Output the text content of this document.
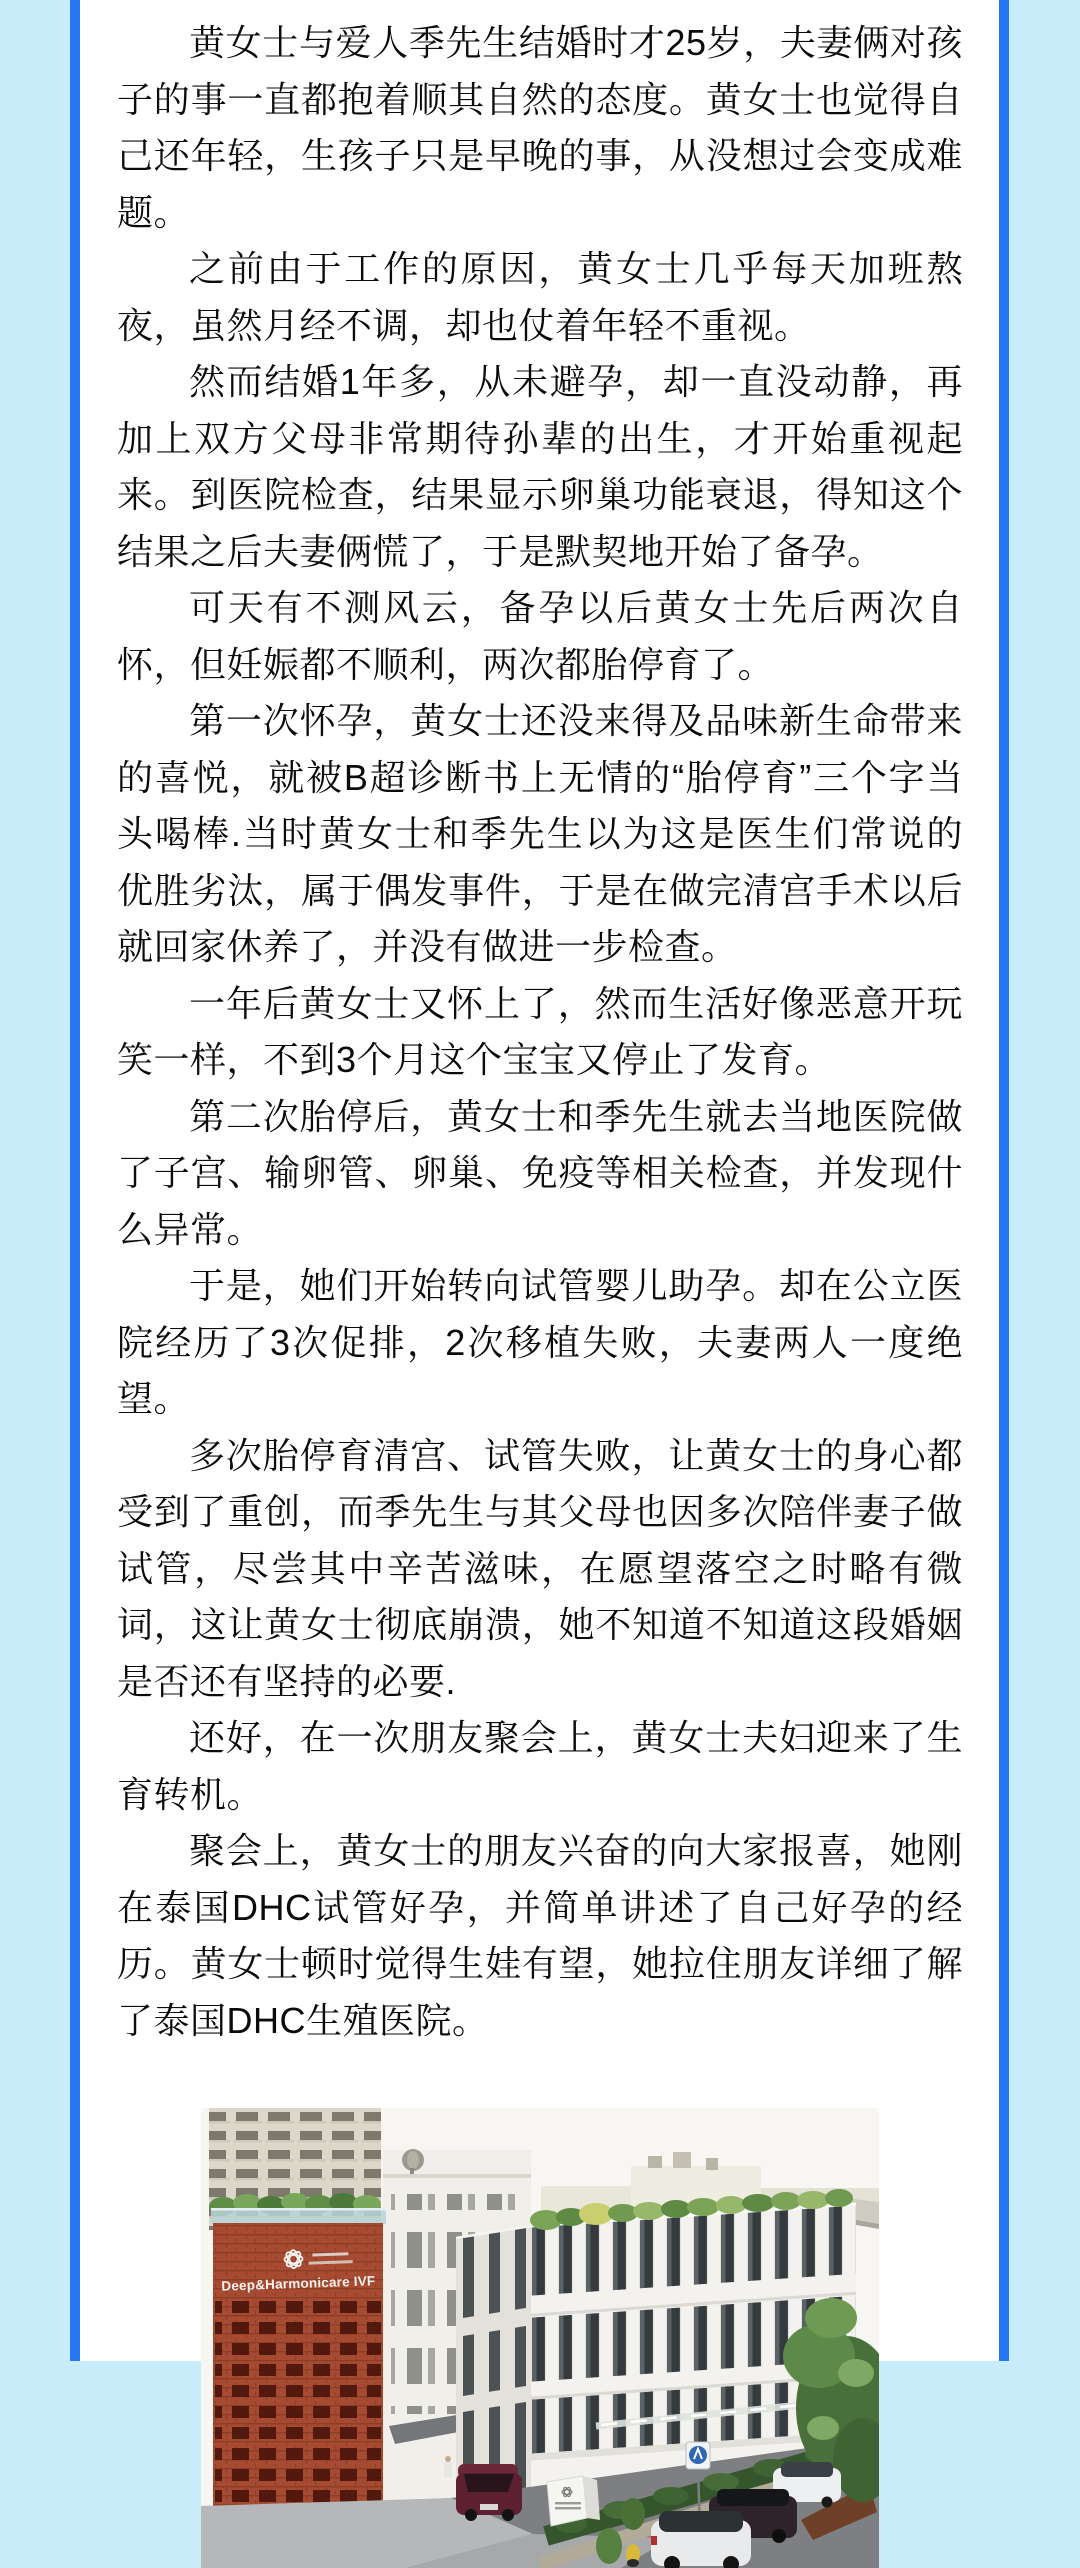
黄女士与爱人季先生结婚时才25岁，夫妻俩对孩子的事一直都抱着顺其自然的态度。黄女士也觉得自己还年轻，生孩子只是早晚的事，从没想过会变成难题。

之前由于工作的原因，黄女士几乎每天加班熬夜，虽然月经不调，却也仗着年轻不重视。

然而结婚1年多，从未避孕，却一直没动静，再加上双方父母非常期待孙辈的出生，才开始重视起来。到医院检查，结果显示卵巢功能衰退，得知这个结果之后夫妻俩慌了，于是默契地开始了备孕。

可天有不测风云，备孕以后黄女士先后两次自怀，但妊娠都不顺利，两次都胎停育了。

第一次怀孕，黄女士还没来得及品味新生命带来的喜悦，就被B超诊断书上无情的“胎停育”三个字当头喝棒.当时黄女士和季先生以为这是医生们常说的优胜劣汰，属于偶发事件，于是在做完清宫手术以后就回家休养了，并没有做进一步检查。

一年后黄女士又怀上了，然而生活好像恶意开玩笑一样，不到3个月这个宝宝又停止了发育。

第二次胎停后，黄女士和季先生就去当地医院做了子宫、输卵管、卵巢、免疫等相关检查，并发现什么异常。

于是，她们开始转向试管婴儿助孕。却在公立医院经历了3次促排，2次移植失败，夫妻两人一度绝望。

多次胎停育清宫、试管失败，让黄女士的身心都受到了重创，而季先生与其父母也因多次陪伴妻子做试管，尽尝其中辛苦滋味，在愿望落空之时略有微词，这让黄女士彻底崩溃，她不知道不知道这段婚姻是否还有坚持的必要.

还好，在一次朋友聚会上，黄女士夫妇迎来了生育转机。

聚会上，黄女士的朋友兴奋的向大家报喜，她刚在泰国DHC试管好孕，并简单讲述了自己好孕的经历。黄女士顿时觉得生娃有望，她拉住朋友详细了解了泰国DHC生殖医院。

Deep&Harmonicare IVF
